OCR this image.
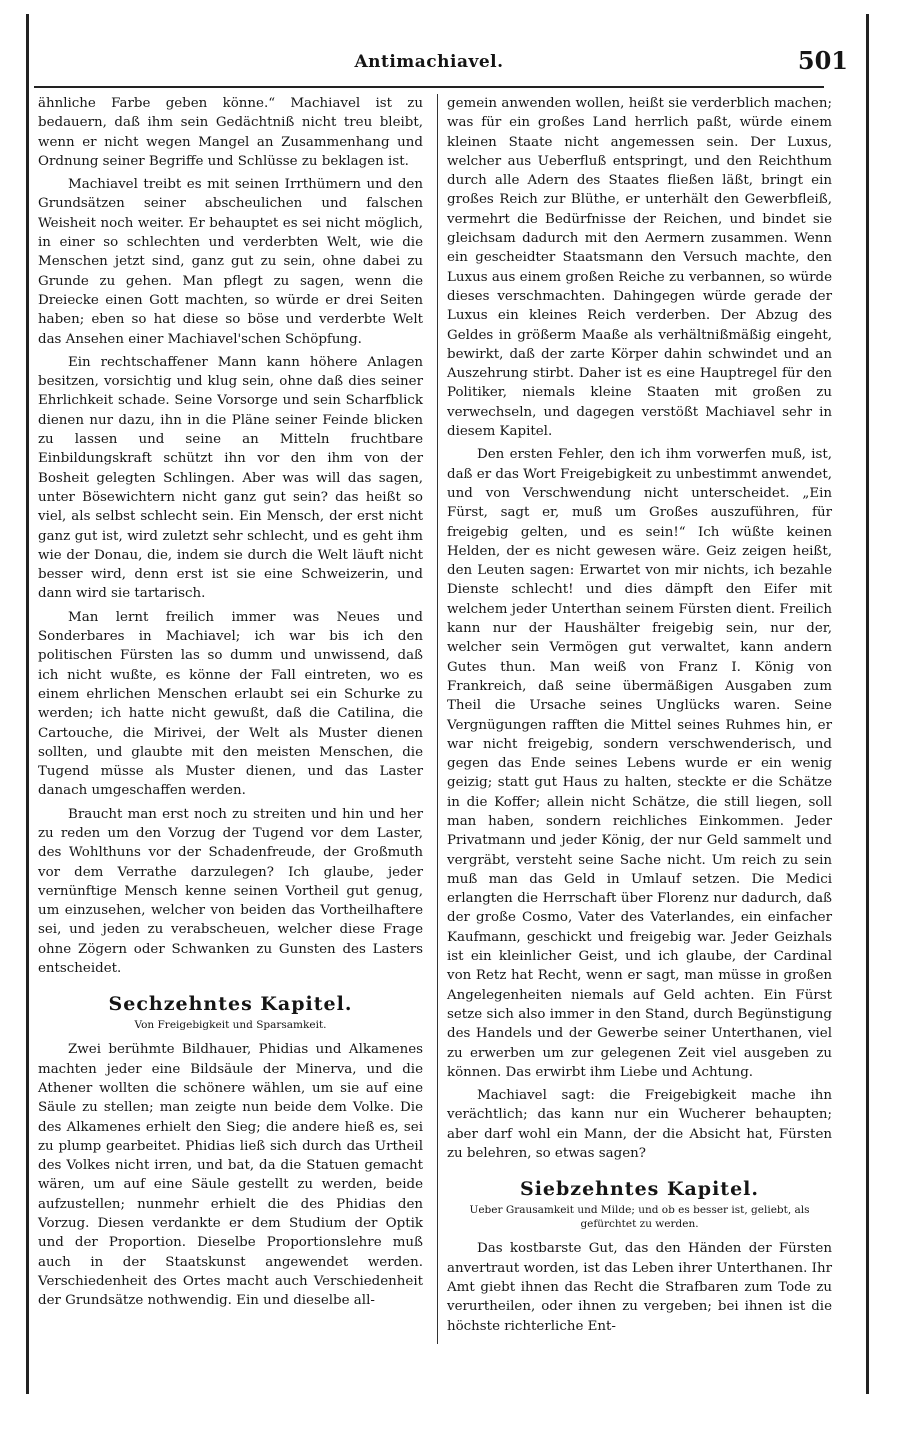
Antimachiavel.	501

ähnliche Farbe geben könne.“ Machiavel ist zu bedauern, daß ihm sein Gedächtniß nicht treu bleibt, wenn er nicht wegen Mangel an Zusammenhang und Ordnung seiner Begriffe und Schlüsse zu beklagen ist.

Machiavel treibt es mit seinen Irrthümern und den Grundsätzen seiner abscheulichen und falschen Weisheit noch weiter. Er behauptet es sei nicht möglich, in einer so schlechten und verderbten Welt, wie die Menschen jetzt sind, ganz gut zu sein, ohne dabei zu Grunde zu gehen. Man pflegt zu sagen, wenn die Dreiecke einen Gott machten, so würde er drei Seiten haben; eben so hat diese so böse und verderbte Welt das Ansehen einer Machiavel'schen Schöpfung.

Ein rechtschaffener Mann kann höhere Anlagen besitzen, vorsichtig und klug sein, ohne daß dies seiner Ehrlichkeit schade. Seine Vorsorge und sein Scharfblick dienen nur dazu, ihn in die Pläne seiner Feinde blicken zu lassen und seine an Mitteln fruchtbare Einbildungskraft schützt ihn vor den ihm von der Bosheit gelegten Schlingen. Aber was will das sagen, unter Bösewichtern nicht ganz gut sein? das heißt so viel, als selbst schlecht sein. Ein Mensch, der erst nicht ganz gut ist, wird zuletzt sehr schlecht, und es geht ihm wie der Donau, die, indem sie durch die Welt läuft nicht besser wird, denn erst ist sie eine Schweizerin, und dann wird sie tartarisch.

Man lernt freilich immer was Neues und Sonderbares in Machiavel; ich war bis ich den politischen Fürsten las so dumm und unwissend, daß ich nicht wußte, es könne der Fall eintreten, wo es einem ehrlichen Menschen erlaubt sei ein Schurke zu werden; ich hatte nicht gewußt, daß die Catilina, die Cartouche, die Mirivei, der Welt als Muster dienen sollten, und glaubte mit den meisten Menschen, die Tugend müsse als Muster dienen, und das Laster danach umgeschaffen werden.

Braucht man erst noch zu streiten und hin und her zu reden um den Vorzug der Tugend vor dem Laster, des Wohlthuns vor der Schadenfreude, der Großmuth vor dem Verrathe darzulegen? Ich glaube, jeder vernünftige Mensch kenne seinen Vortheil gut genug, um einzusehen, welcher von beiden das Vortheilhaftere sei, und jeden zu verabscheuen, welcher diese Frage ohne Zögern oder Schwanken zu Gunsten des Lasters entscheidet.

Sechzehntes Kapitel.
Von Freigebigkeit und Sparsamkeit.

Zwei berühmte Bildhauer, Phidias und Alkamenes machten jeder eine Bildsäule der Minerva, und die Athener wollten die schönere wählen, um sie auf eine Säule zu stellen; man zeigte nun beide dem Volke. Die des Alkamenes erhielt den Sieg; die andere hieß es, sei zu plump gearbeitet. Phidias ließ sich durch das Urtheil des Volkes nicht irren, und bat, da die Statuen gemacht wären, um auf eine Säule gestellt zu werden, beide aufzustellen; nunmehr erhielt die des Phidias den Vorzug. Diesen verdankte er dem Studium der Optik und der Proportion. Dieselbe Proportionslehre muß auch in der Staatskunst angewendet werden. Verschiedenheit des Ortes macht auch Verschiedenheit der Grundsätze nothwendig. Ein und dieselbe all-

gemein anwenden wollen, heißt sie verderblich machen; was für ein großes Land herrlich paßt, würde einem kleinen Staate nicht angemessen sein. Der Luxus, welcher aus Ueberfluß entspringt, und den Reichthum durch alle Adern des Staates fließen läßt, bringt ein großes Reich zur Blüthe, er unterhält den Gewerbfleiß, vermehrt die Bedürfnisse der Reichen, und bindet sie gleichsam dadurch mit den Aermern zusammen. Wenn ein gescheidter Staatsmann den Versuch machte, den Luxus aus einem großen Reiche zu verbannen, so würde dieses verschmachten. Dahingegen würde gerade der Luxus ein kleines Reich verderben. Der Abzug des Geldes in größerm Maaße als verhältnißmäßig eingeht, bewirkt, daß der zarte Körper dahin schwindet und an Auszehrung stirbt. Daher ist es eine Hauptregel für den Politiker, niemals kleine Staaten mit großen zu verwechseln, und dagegen verstößt Machiavel sehr in diesem Kapitel.

Den ersten Fehler, den ich ihm vorwerfen muß, ist, daß er das Wort Freigebigkeit zu unbestimmt anwendet, und von Verschwendung nicht unterscheidet. „Ein Fürst, sagt er, muß um Großes auszuführen, für freigebig gelten, und es sein!“ Ich wüßte keinen Helden, der es nicht gewesen wäre. Geiz zeigen heißt, den Leuten sagen: Erwartet von mir nichts, ich bezahle Dienste schlecht! und dies dämpft den Eifer mit welchem jeder Unterthan seinem Fürsten dient. Freilich kann nur der Haushälter freigebig sein, nur der, welcher sein Vermögen gut verwaltet, kann andern Gutes thun. Man weiß von Franz I. König von Frankreich, daß seine übermäßigen Ausgaben zum Theil die Ursache seines Unglücks waren. Seine Vergnügungen rafften die Mittel seines Ruhmes hin, er war nicht freigebig, sondern verschwenderisch, und gegen das Ende seines Lebens wurde er ein wenig geizig; statt gut Haus zu halten, steckte er die Schätze in die Koffer; allein nicht Schätze, die still liegen, soll man haben, sondern reichliches Einkommen. Jeder Privatmann und jeder König, der nur Geld sammelt und vergräbt, versteht seine Sache nicht. Um reich zu sein muß man das Geld in Umlauf setzen. Die Medici erlangten die Herrschaft über Florenz nur dadurch, daß der große Cosmo, Vater des Vaterlandes, ein einfacher Kaufmann, geschickt und freigebig war. Jeder Geizhals ist ein kleinlicher Geist, und ich glaube, der Cardinal von Retz hat Recht, wenn er sagt, man müsse in großen Angelegenheiten niemals auf Geld achten. Ein Fürst setze sich also immer in den Stand, durch Begünstigung des Handels und der Gewerbe seiner Unterthanen, viel zu erwerben um zur gelegenen Zeit viel ausgeben zu können. Das erwirbt ihm Liebe und Achtung.

Machiavel sagt: die Freigebigkeit mache ihn verächtlich; das kann nur ein Wucherer behaupten; aber darf wohl ein Mann, der die Absicht hat, Fürsten zu belehren, so etwas sagen?

Siebzehntes Kapitel.
Ueber Grausamkeit und Milde; und ob es besser ist, geliebt, als gefürchtet zu werden.

Das kostbarste Gut, das den Händen der Fürsten anvertraut worden, ist das Leben ihrer Unterthanen. Ihr Amt giebt ihnen das Recht die Strafbaren zum Tode zu verurtheilen, oder ihnen zu vergeben; bei ihnen ist die höchste richterliche Ent-
